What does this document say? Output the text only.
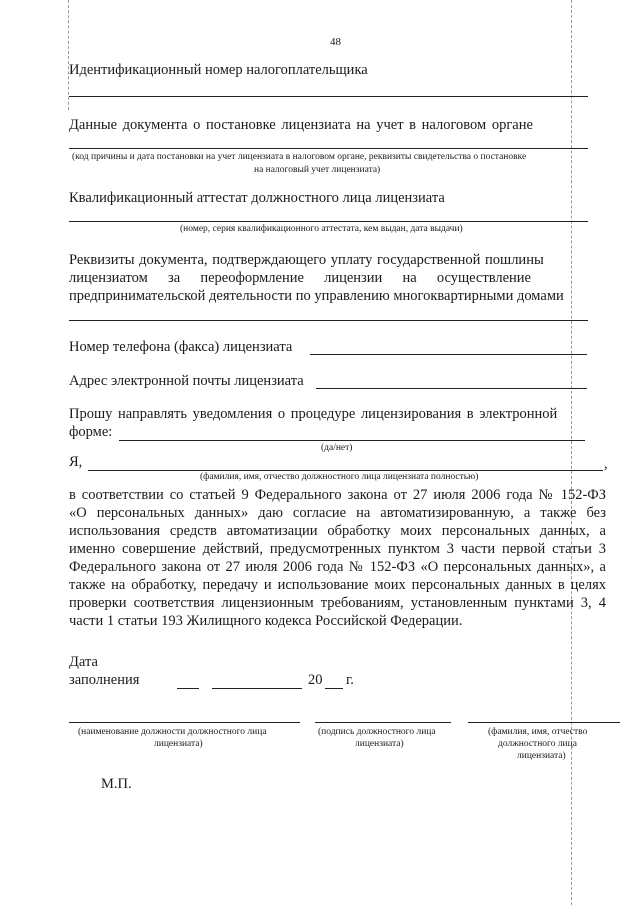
48
Идентификационный номер налогоплательщика
Данные документа о постановке лицензиата на учет в налоговом органе
(код причины и дата постановки на учет лицензиата в налоговом органе, реквизиты свидетельства о постановке
на налоговый учет лицензиата)
Квалификационный аттестат должностного лица лицензиата
(номер, серия квалификационного аттестата, кем выдан, дата выдачи)
Реквизиты документа, подтверждающего уплату государственной пошлины
лицензиатом за переоформление лицензии на осуществление
предпринимательской деятельности по управлению многоквартирными домами
Номер телефона (факса) лицензиата
Адрес электронной почты лицензиата
Прошу направлять уведомления о процедуре лицензирования в электронной
форме:
(да/нет)
Я,	,
(фамилия, имя, отчество должностного лица лицензиата полностью)
в соответствии со статьей 9 Федерального закона от 27 июля 2006 года № 152-ФЗ
«О персональных данных» даю согласие на автоматизированную, а также без
использования средств автоматизации обработку моих персональных данных, а
именно совершение действий, предусмотренных пунктом 3 части первой статьи 3
Федерального закона от 27 июля 2006 года № 152-ФЗ «О персональных данных», а
также на обработку, передачу и использование моих персональных данных в целях
проверки соответствия лицензионным требованиям, установленным пунктами 3, 4
части 1 статьи 193 Жилищного кодекса Российской Федерации.
Дата
заполнения	20 г.
(наименование должности должностного лица
лицензиата)
(подпись должностного лица
лицензиата)
(фамилия, имя, отчество
должностного лица
лицензиата)
М.П.
